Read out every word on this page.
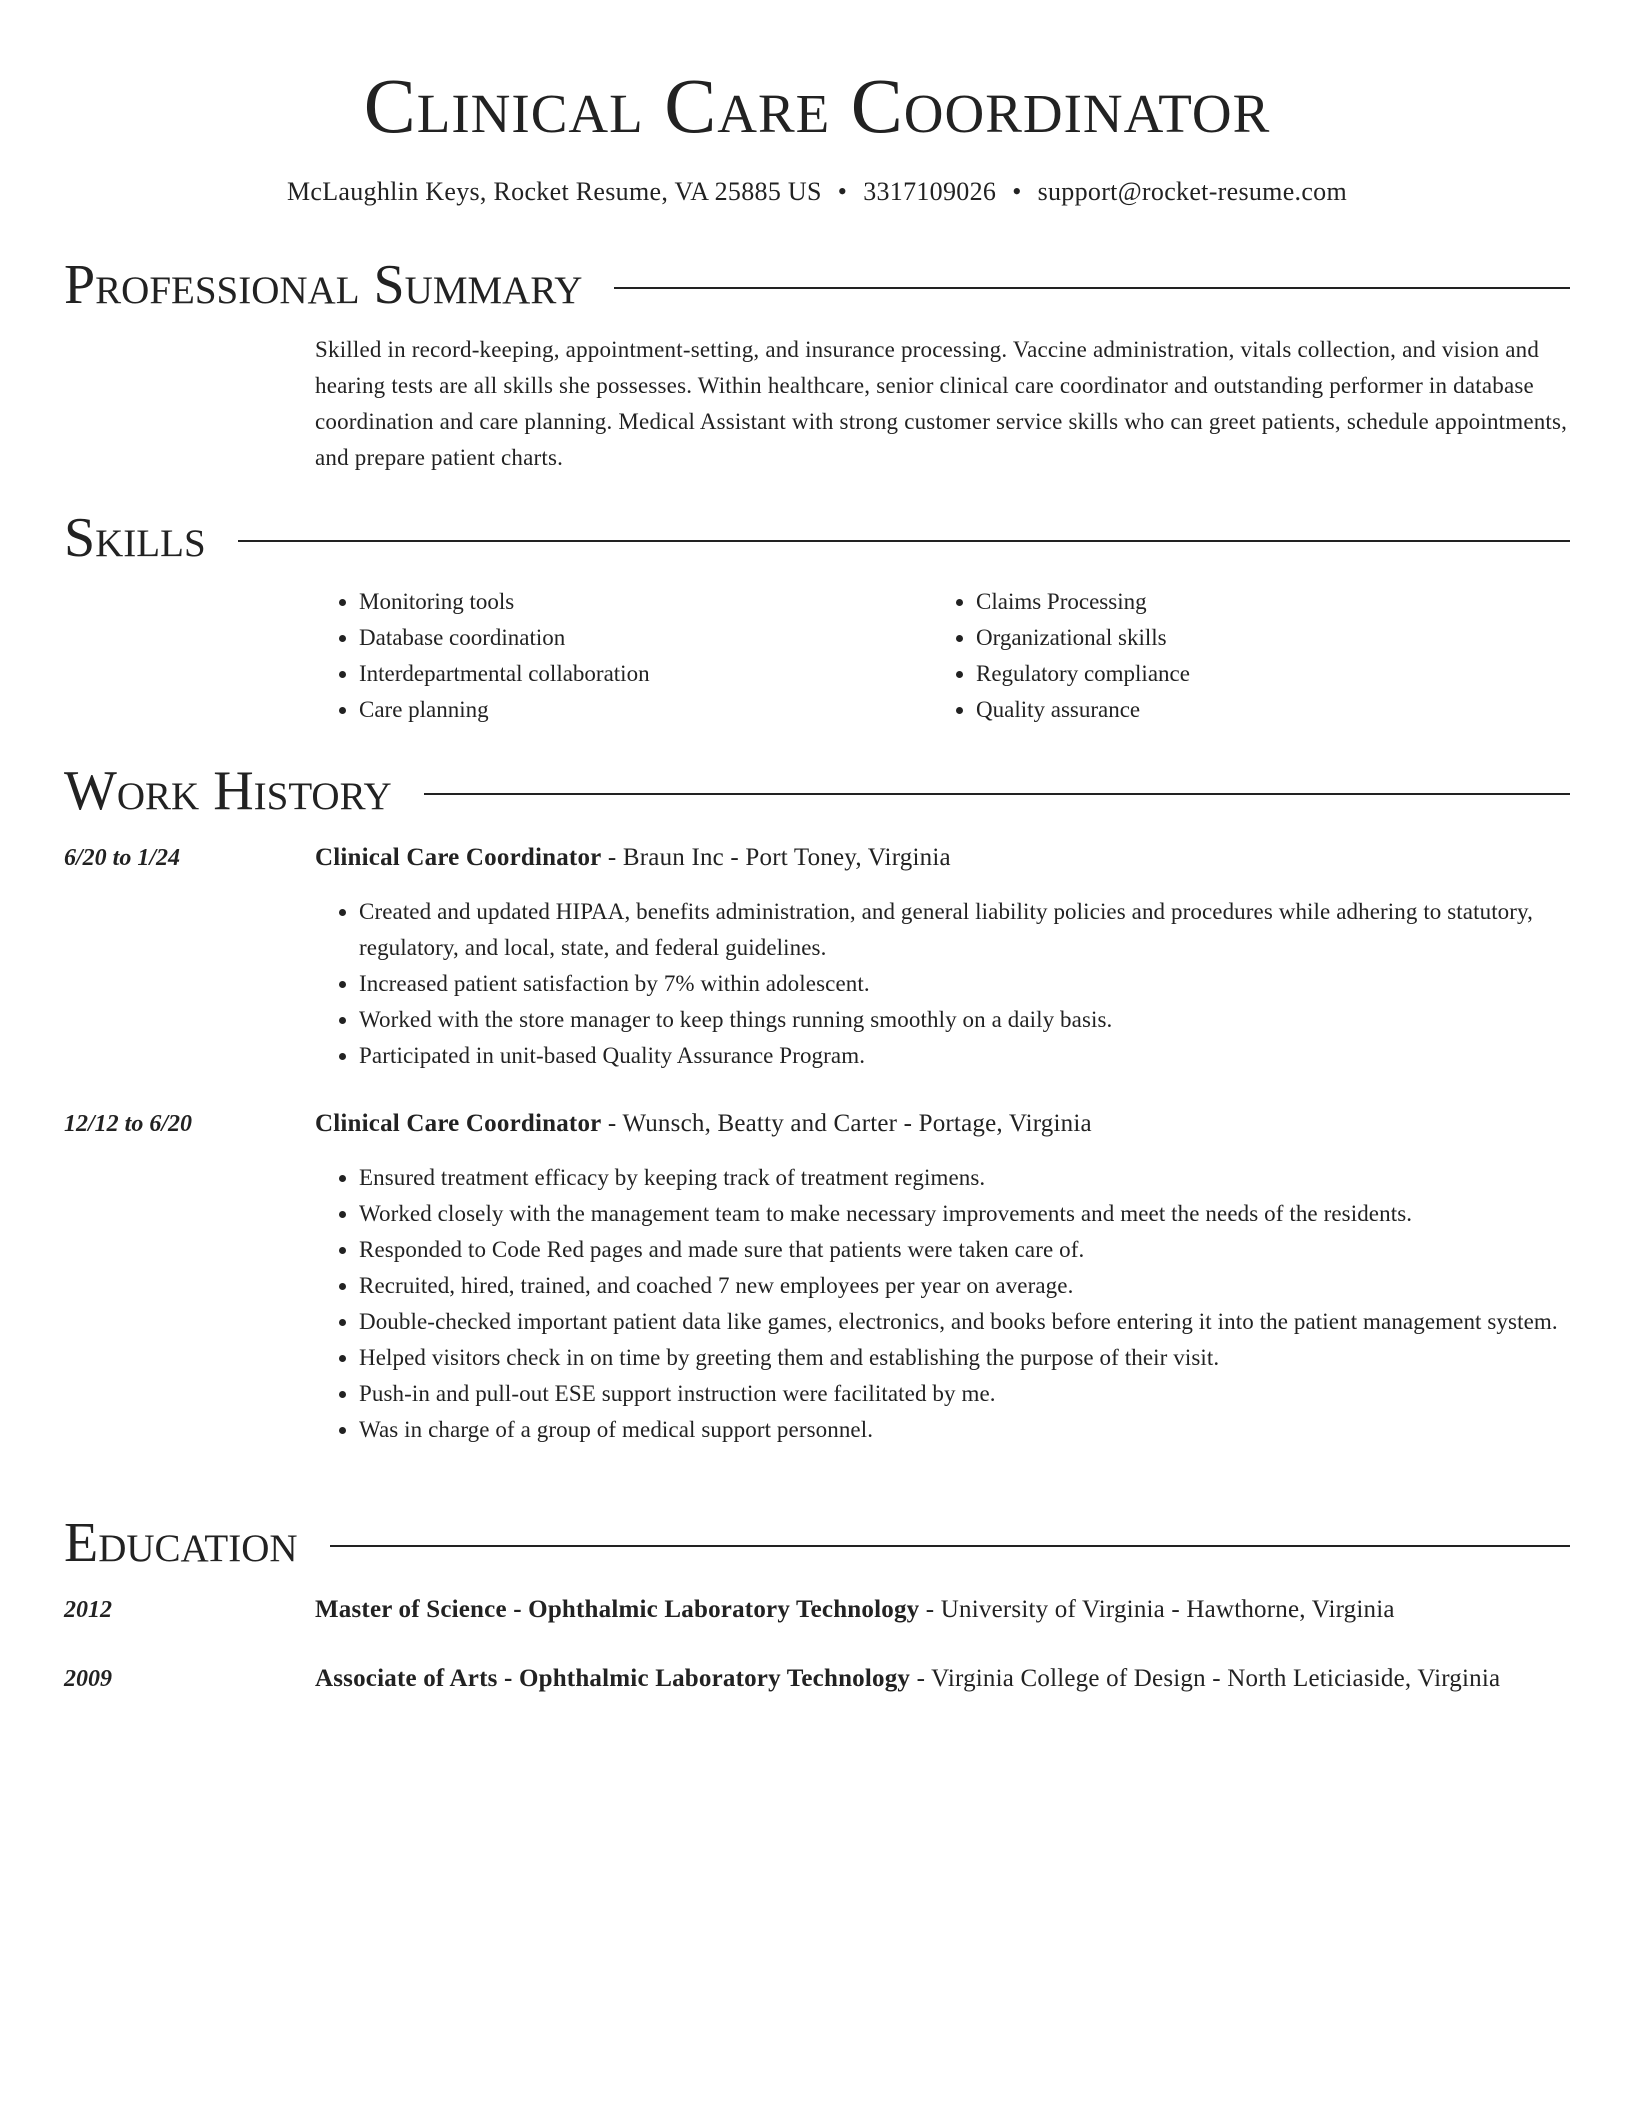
Clinical Care Coordinator
McLaughlin Keys, Rocket Resume, VA 25885 US • 3317109026 • support@rocket-resume.com
Professional Summary
Skilled in record-keeping, appointment-setting, and insurance processing. Vaccine administration, vitals collection, and vision and hearing tests are all skills she possesses. Within healthcare, senior clinical care coordinator and outstanding performer in database coordination and care planning. Medical Assistant with strong customer service skills who can greet patients, schedule appointments, and prepare patient charts.
Skills
• Monitoring tools
• Database coordination
• Interdepartmental collaboration
• Care planning
• Claims Processing
• Organizational skills
• Regulatory compliance
• Quality assurance
Work History
6/20 to 1/24	Clinical Care Coordinator - Braun Inc - Port Toney, Virginia
• Created and updated HIPAA, benefits administration, and general liability policies and procedures while adhering to statutory, regulatory, and local, state, and federal guidelines.
• Increased patient satisfaction by 7% within adolescent.
• Worked with the store manager to keep things running smoothly on a daily basis.
• Participated in unit-based Quality Assurance Program.
12/12 to 6/20	Clinical Care Coordinator - Wunsch, Beatty and Carter - Portage, Virginia
• Ensured treatment efficacy by keeping track of treatment regimens.
• Worked closely with the management team to make necessary improvements and meet the needs of the residents.
• Responded to Code Red pages and made sure that patients were taken care of.
• Recruited, hired, trained, and coached 7 new employees per year on average.
• Double-checked important patient data like games, electronics, and books before entering it into the patient management system.
• Helped visitors check in on time by greeting them and establishing the purpose of their visit.
• Push-in and pull-out ESE support instruction were facilitated by me.
• Was in charge of a group of medical support personnel.
Education
2012	Master of Science - Ophthalmic Laboratory Technology - University of Virginia - Hawthorne, Virginia
2009	Associate of Arts - Ophthalmic Laboratory Technology - Virginia College of Design - North Leticiaside, Virginia
